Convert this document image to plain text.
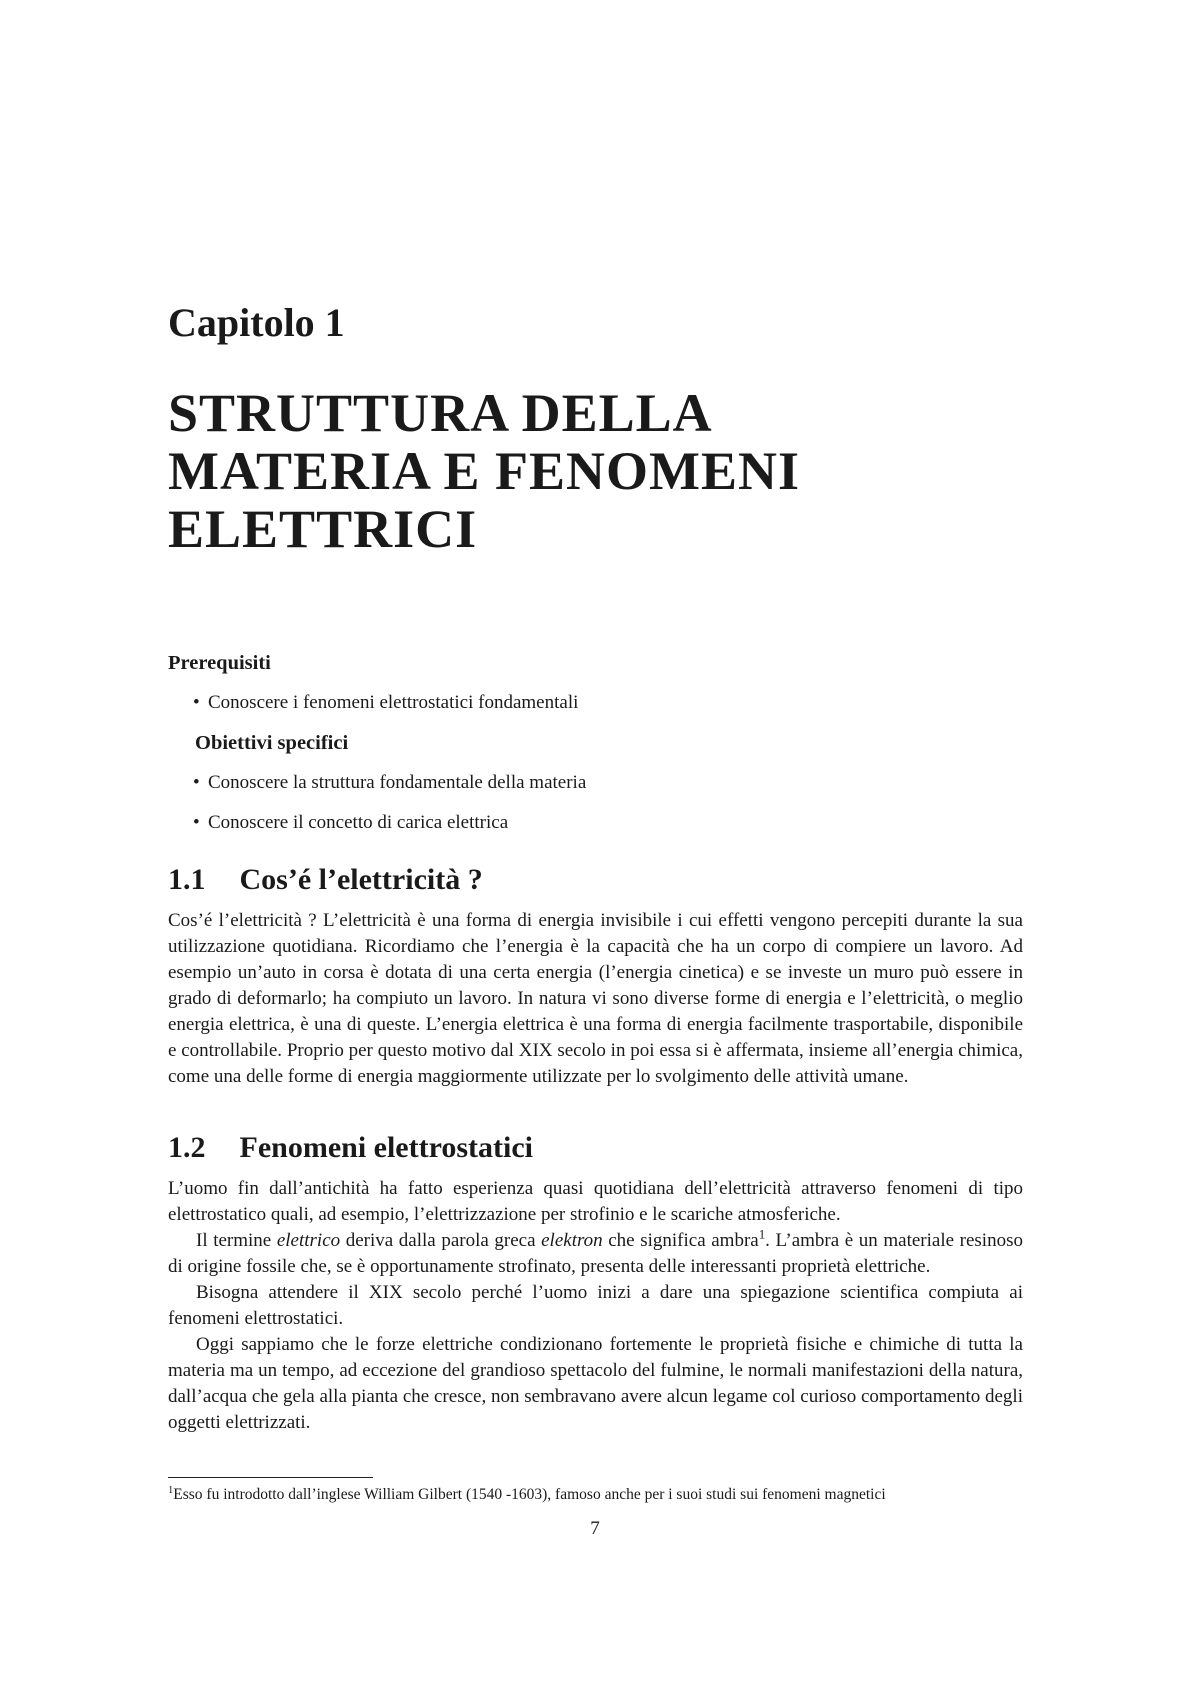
Capitolo 1
STRUTTURA DELLA
MATERIA E FENOMENI
ELETTRICI
Prerequisiti
• Conoscere i fenomeni elettrostatici fondamentali
Obiettivi specifici
• Conoscere la struttura fondamentale della materia
• Conoscere il concetto di carica elettrica
1.1 Cos’é l’elettricità ?

Cos’é l’elettricità ? L’elettricità è una forma di energia invisibile i cui effetti vengono percepiti durante la sua utilizzazione quotidiana. Ricordiamo che l’energia è la capacità che ha un corpo di compiere un lavoro. Ad esempio un’auto in corsa è dotata di una certa energia (l’energia cinetica) e se investe un muro può essere in grado di deformarlo; ha compiuto un lavoro. In natura vi sono diverse forme di energia e l’elettricità, o meglio energia elettrica, è una di queste. L’energia elettrica è una forma di energia facilmente trasportabile, disponibile e controllabile. Proprio per questo motivo dal XIX secolo in poi essa si è affermata, insieme all’energia chimica, come una delle forme di energia maggiormente utilizzate per lo svolgimento delle attività umane.

1.2 Fenomeni elettrostatici

L’uomo fin dall’antichità ha fatto esperienza quasi quotidiana dell’elettricità attraverso fenomeni di tipo elettrostatico quali, ad esempio, l’elettrizzazione per strofinio e le scariche atmosferiche.

Il termine elettrico deriva dalla parola greca elektron che significa ambra$^1$. L’ambra è un materiale resinoso di origine fossile che, se è opportunamente strofinato, presenta delle interessanti proprietà elettriche.

Bisogna attendere il XIX secolo perché l’uomo inizi a dare una spiegazione scientifica compiuta ai fenomeni elettrostatici.

Oggi sappiamo che le forze elettriche condizionano fortemente le proprietà fisiche e chimiche di tutta la materia ma un tempo, ad eccezione del grandioso spettacolo del fulmine, le normali manifestazioni della natura, dall’acqua che gela alla pianta che cresce, non sembravano avere alcun legame col curioso comportamento degli oggetti elettrizzati.

$^1$Esso fu introdotto dall’inglese William Gilbert (1540 -1603), famoso anche per i suoi studi sui fenomeni magnetici
7
